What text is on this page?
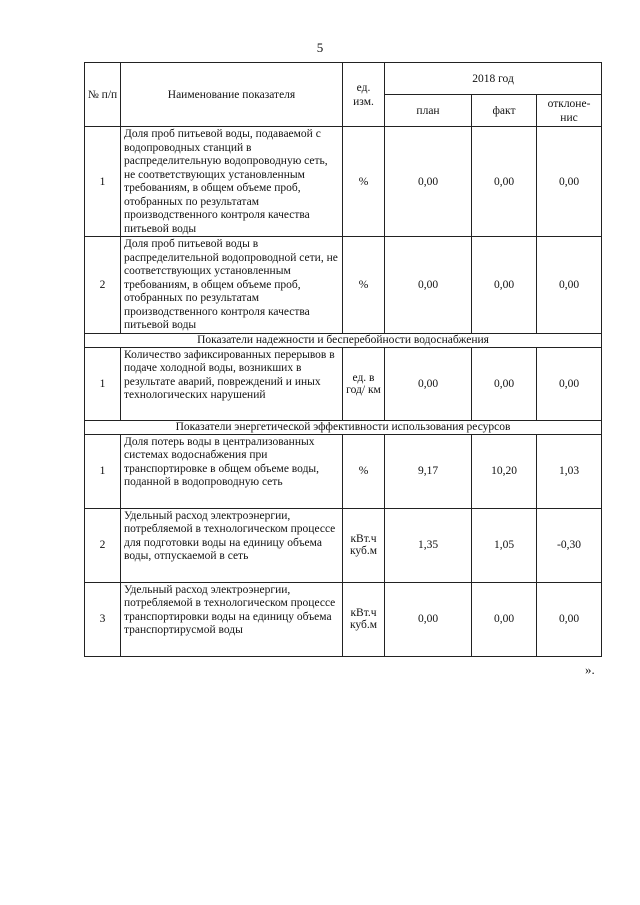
5
№ п/п	Наименование показателя	ед. изм.	2018 год		
			план	факт	отклоне- нис
1	Доля проб питьевой воды, подаваемой с водопроводных станций в распределительную водопроводную сеть, не соответствующих установленным требованиям, в общем объеме проб, отобранных по результатам производственного контроля качества питьевой воды	%	0,00	0,00	0,00
2	Доля проб питьевой воды в распределительной водопроводной сети, не соответствующих установленным требованиям, в общем объеме проб, отобранных по результатам производственного контроля качества питьевой воды	%	0,00	0,00	0,00
Показатели надежности и бесперебойности водоснабжения					
1	Количество зафиксированных перерывов в подаче холодной воды, возникших в результате аварий, повреждений и иных технологических нарушений	ед. в год/ км	0,00	0,00	0,00
Показатели энергетической эффективности использования ресурсов					
1	Доля потерь воды в централизованных системах водоснабжения при транспортировке в общем объеме воды, поданной в водопроводную сеть	%	9,17	10,20	1,03
2	Удельный расход электроэнергии, потребляемой в технологическом процессе для подготовки воды на единицу объема воды, отпускаемой в сеть	кВт.ч куб.м	1,35	1,05	-0,30
3	Удельный расход электроэнергии, потребляемой в технологическом процессе транспортировки воды на единицу объема транспортирусмой воды	кВт.ч куб.м	0,00	0,00	0,00
».
